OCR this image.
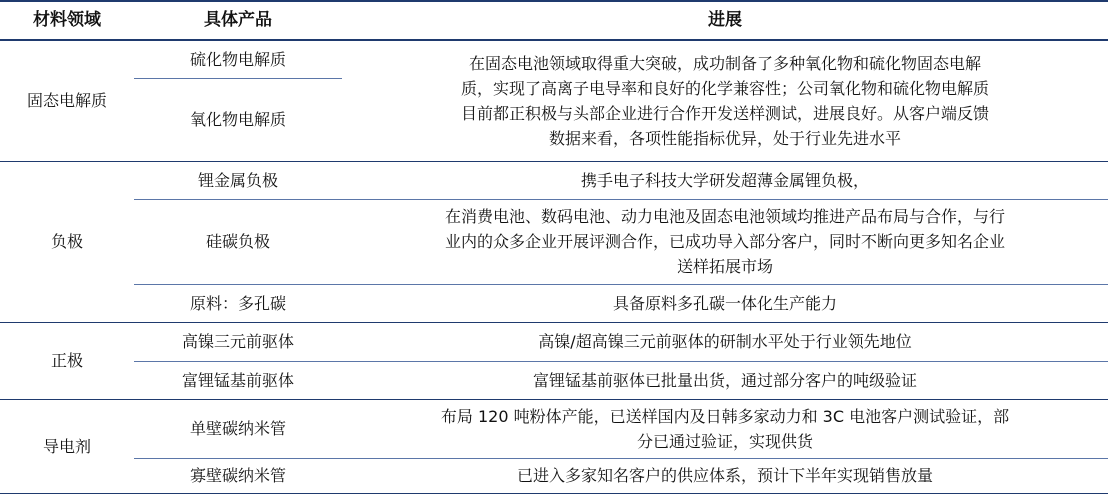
材料领域	具体产品	进展
固态电解质	硫化物电解质	在固态电池领域取得重大突破，成功制备了多种氧化物和硫化物固态电解
质，实现了高离子电导率和良好的化学兼容性；公司氧化物和硫化物电解质
目前都正积极与头部企业进行合作开发送样测试，进展良好。从客户端反馈
数据来看，各项性能指标优异，处于行业先进水平

	氧化物电解质	
负极	锂金属负极	携手电子科技大学研发超薄金属锂负极，

	硅碳负极	在消费电池、数码电池、动力电池及固态电池领域均推进产品布局与合作，与行
业内的众多企业开展评测合作，已成功导入部分客户，同时不断向更多知名企业
送样拓展市场

	原料：多孔碳	具备原料多孔碳一体化生产能力

正极	高镍三元前驱体	高镍/超高镍三元前驱体的研制水平处于行业领先地位

	富锂锰基前驱体	富锂锰基前驱体已批量出货，通过部分客户的吨级验证

导电剂	单壁碳纳米管	布局 120 吨粉体产能，已送样国内及日韩多家动力和 3C 电池客户测试验证，部
分已通过验证，实现供货

	寡壁碳纳米管	已进入多家知名客户的供应体系，预计下半年实现销售放量
